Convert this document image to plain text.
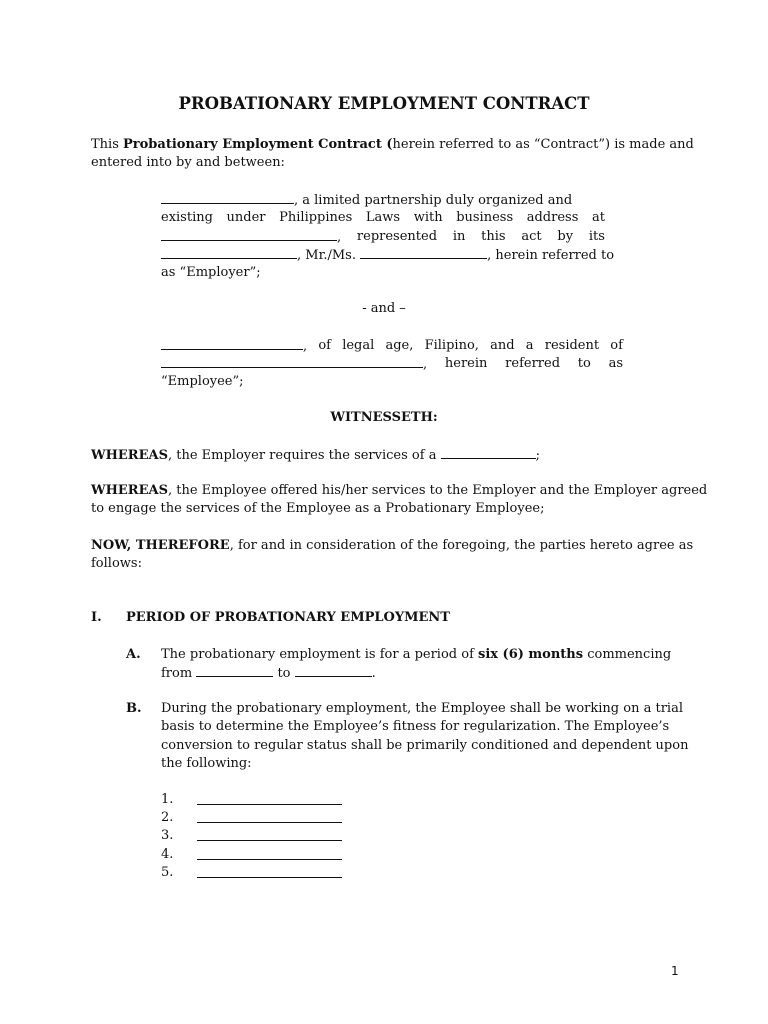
PROBATIONARY EMPLOYMENT CONTRACT
This Probationary Employment Contract (herein referred to as “Contract”) is made and
entered into by and between:
, a limited partnership duly organized and
existing under Philippines Laws with business address at
, represented in this act by its
, Mr./Ms.	, herein referred to
as “Employer”;
- and –
, of legal age, Filipino, and a resident of
, herein referred to as
“Employee”;
WITNESSETH:
WHEREAS, the Employer requires the services of a	;
WHEREAS, the Employee offered his/her services to the Employer and the Employer agreed
to engage the services of the Employee as a Probationary Employee;
NOW, THEREFORE, for and in consideration of the foregoing, the parties hereto agree as
follows:
I. PERIOD OF PROBATIONARY EMPLOYMENT
A. The probationary employment is for a period of six (6) months commencing
from	to	.
B. During the probationary employment, the Employee shall be working on a trial
basis to determine the Employee’s fitness for regularization. The Employee’s
conversion to regular status shall be primarily conditioned and dependent upon
the following:
1.
2.
3.
4.
5.
1
